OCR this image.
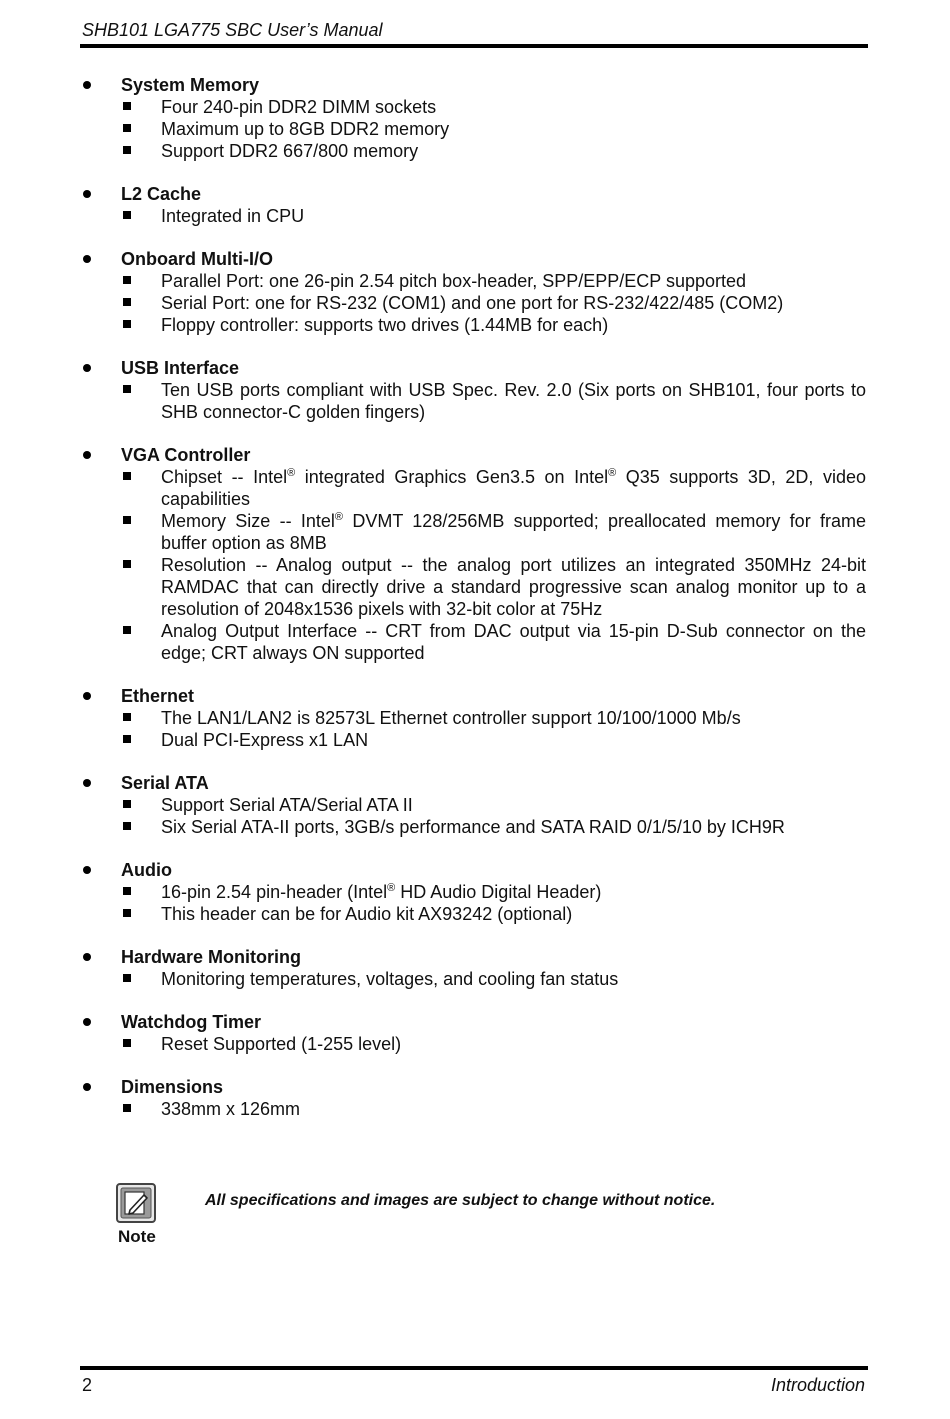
SHB101 LGA775 SBC User’s Manual
System Memory
Four 240-pin DDR2 DIMM sockets
Maximum up to 8GB DDR2 memory
Support DDR2 667/800 memory
L2 Cache
Integrated in CPU
Onboard Multi-I/O
Parallel Port: one 26-pin 2.54 pitch box-header, SPP/EPP/ECP supported
Serial Port: one for RS-232 (COM1) and one port for RS-232/422/485 (COM2)
Floppy controller: supports two drives (1.44MB for each)
USB Interface
Ten USB ports compliant with USB Spec. Rev. 2.0 (Six ports on SHB101, four ports to SHB connector-C golden fingers)
VGA Controller
Chipset -- Intel® integrated Graphics Gen3.5 on Intel® Q35 supports 3D, 2D, video capabilities
Memory Size -- Intel® DVMT 128/256MB supported; preallocated memory for frame buffer option as 8MB
Resolution -- Analog output -- the analog port utilizes an integrated 350MHz 24-bit RAMDAC that can directly drive a standard progressive scan analog monitor up to a resolution of 2048x1536 pixels with 32-bit color at 75Hz
Analog Output Interface -- CRT from DAC output via 15-pin D-Sub connector on the edge; CRT always ON supported
Ethernet
The LAN1/LAN2 is 82573L Ethernet controller support 10/100/1000 Mb/s
Dual PCI-Express x1 LAN
Serial ATA
Support Serial ATA/Serial ATA II
Six Serial ATA-II ports, 3GB/s performance and SATA RAID 0/1/5/10 by ICH9R
Audio
16-pin 2.54 pin-header (Intel® HD Audio Digital Header)
This header can be for Audio kit AX93242 (optional)
Hardware Monitoring
Monitoring temperatures, voltages, and cooling fan status
Watchdog Timer
Reset Supported (1-255 level)
Dimensions
338mm x 126mm
Note
All specifications and images are subject to change without notice.
2	Introduction
